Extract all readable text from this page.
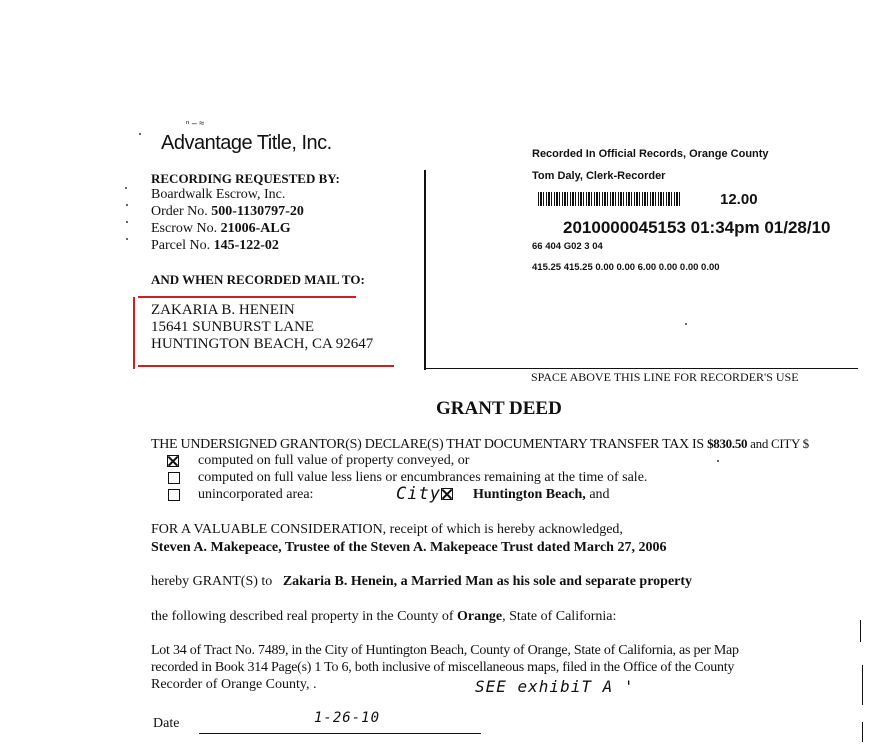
Advantage Title, Inc.
ⁿ ‒ ≈
RECORDING REQUESTED BY:
Boardwalk Escrow, Inc.
Order No. 500-1130797-20
Escrow No. 21006-ALG
Parcel No. 145-122-02
AND WHEN RECORDED MAIL TO:
ZAKARIA B. HENEIN
15641 SUNBURST LANE
HUNTINGTON BEACH, CA 92647
Recorded In Official Records, Orange County
Tom Daly, Clerk-Recorder
12.00
2010000045153 01:34pm 01/28/10
66 404 G02 3 04
415.25 415.25 0.00 0.00 6.00 0.00 0.00 0.00
SPACE ABOVE THIS LINE FOR RECORDER'S USE
GRANT DEED
THE UNDERSIGNED GRANTOR(S) DECLARE(S) THAT DOCUMENTARY TRANSFER TAX IS $830.50 and CITY $
computed on full value of property conveyed, or
computed on full value less liens or encumbrances remaining at the time of sale.
unincorporated area:	City Huntington Beach, and
FOR A VALUABLE CONSIDERATION, receipt of which is hereby acknowledged,
Steven A. Makepeace, Trustee of the Steven A. Makepeace Trust dated March 27, 2006
hereby GRANT(S) to Zakaria B. Henein, a Married Man as his sole and separate property
the following described real property in the County of Orange, State of California:
Lot 34 of Tract No. 7489, in the City of Huntington Beach, County of Orange, State of California, as per Map
recorded in Book 314 Page(s) 1 To 6, both inclusive of miscellaneous maps, filed in the Office of the County
Recorder of Orange County, .	SEE exhibiT A '
Date	1-26-10
